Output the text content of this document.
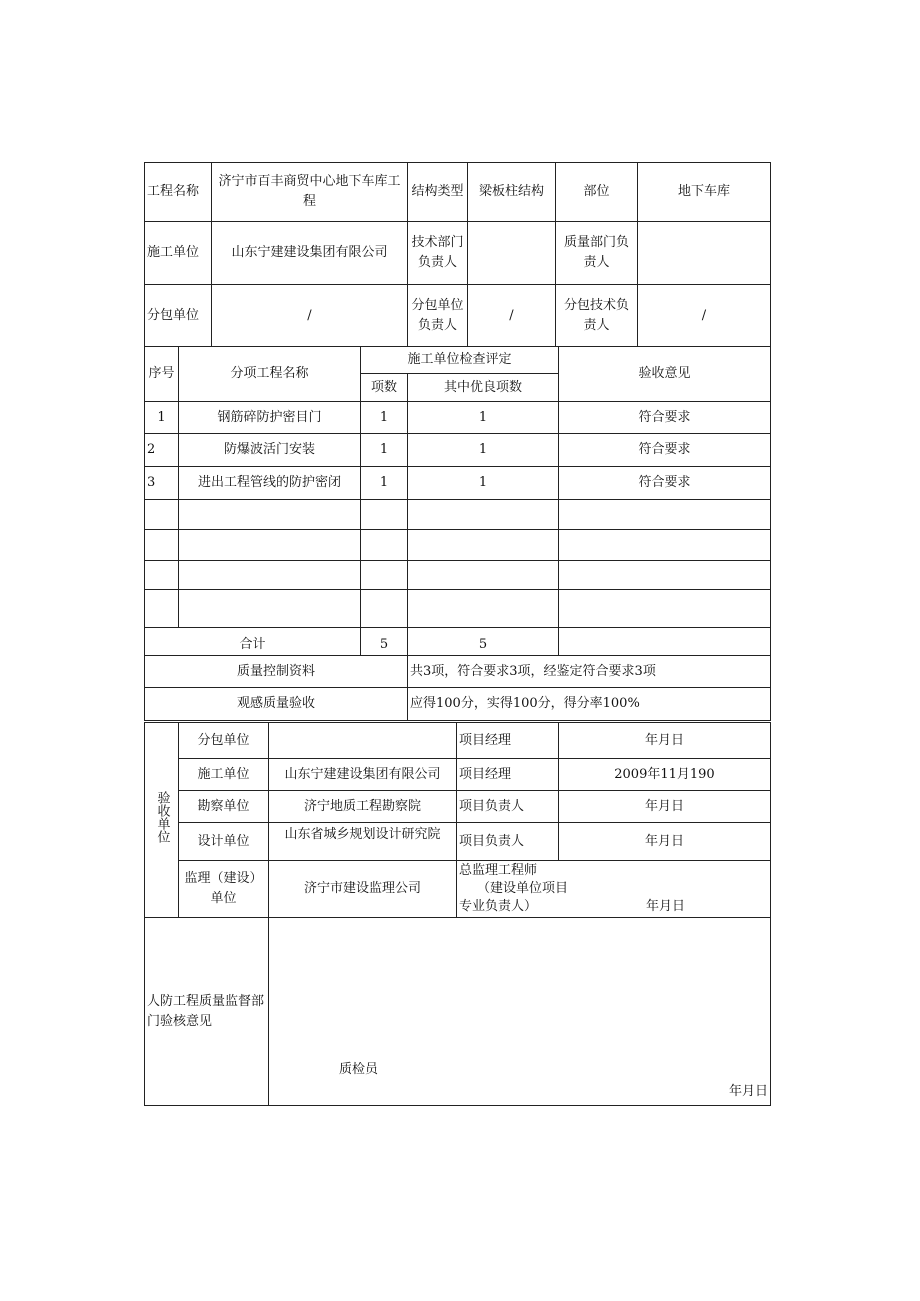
工程名称	济宁市百丰商贸中心地下车库工程	结构类型	梁板柱结构	部位	地下车库
施工单位	山东宁建建设集团有限公司	技术部门负责人		质量部门负责人	
分包单位	/	分包单位负责人	/	分包技术负责人	/
序号	分项工程名称	施工单位检查评定		验收意见
		项数	其中优良项数	
1	钢筋碎防护密目门	1	1	符合要求
2	防爆波活门安装	1	1	符合要求
3	进出工程管线的防护密闭	1	1	符合要求

合计		5	5	
质量控制资料			共3项，符合要求3项，经鉴定符合要求3项	
观感质量验收			应得100分，实得100分，得分率100%	
验收单位	分包单位		项目经理	年月日
	施工单位	山东宁建建设集团有限公司	项目经理	2009年11月190
	勘察单位	济宁地质工程勘察院	项目负责人	年月日
	设计单位	山东省城乡规划设计研究院	项目负责人	年月日
	监理（建设）单位	济宁市建设监理公司	总监理工程师
（建设单位项目
专业负责人） 年月日	

人防工程质量监督部门验核意见		质检员
年月日		
